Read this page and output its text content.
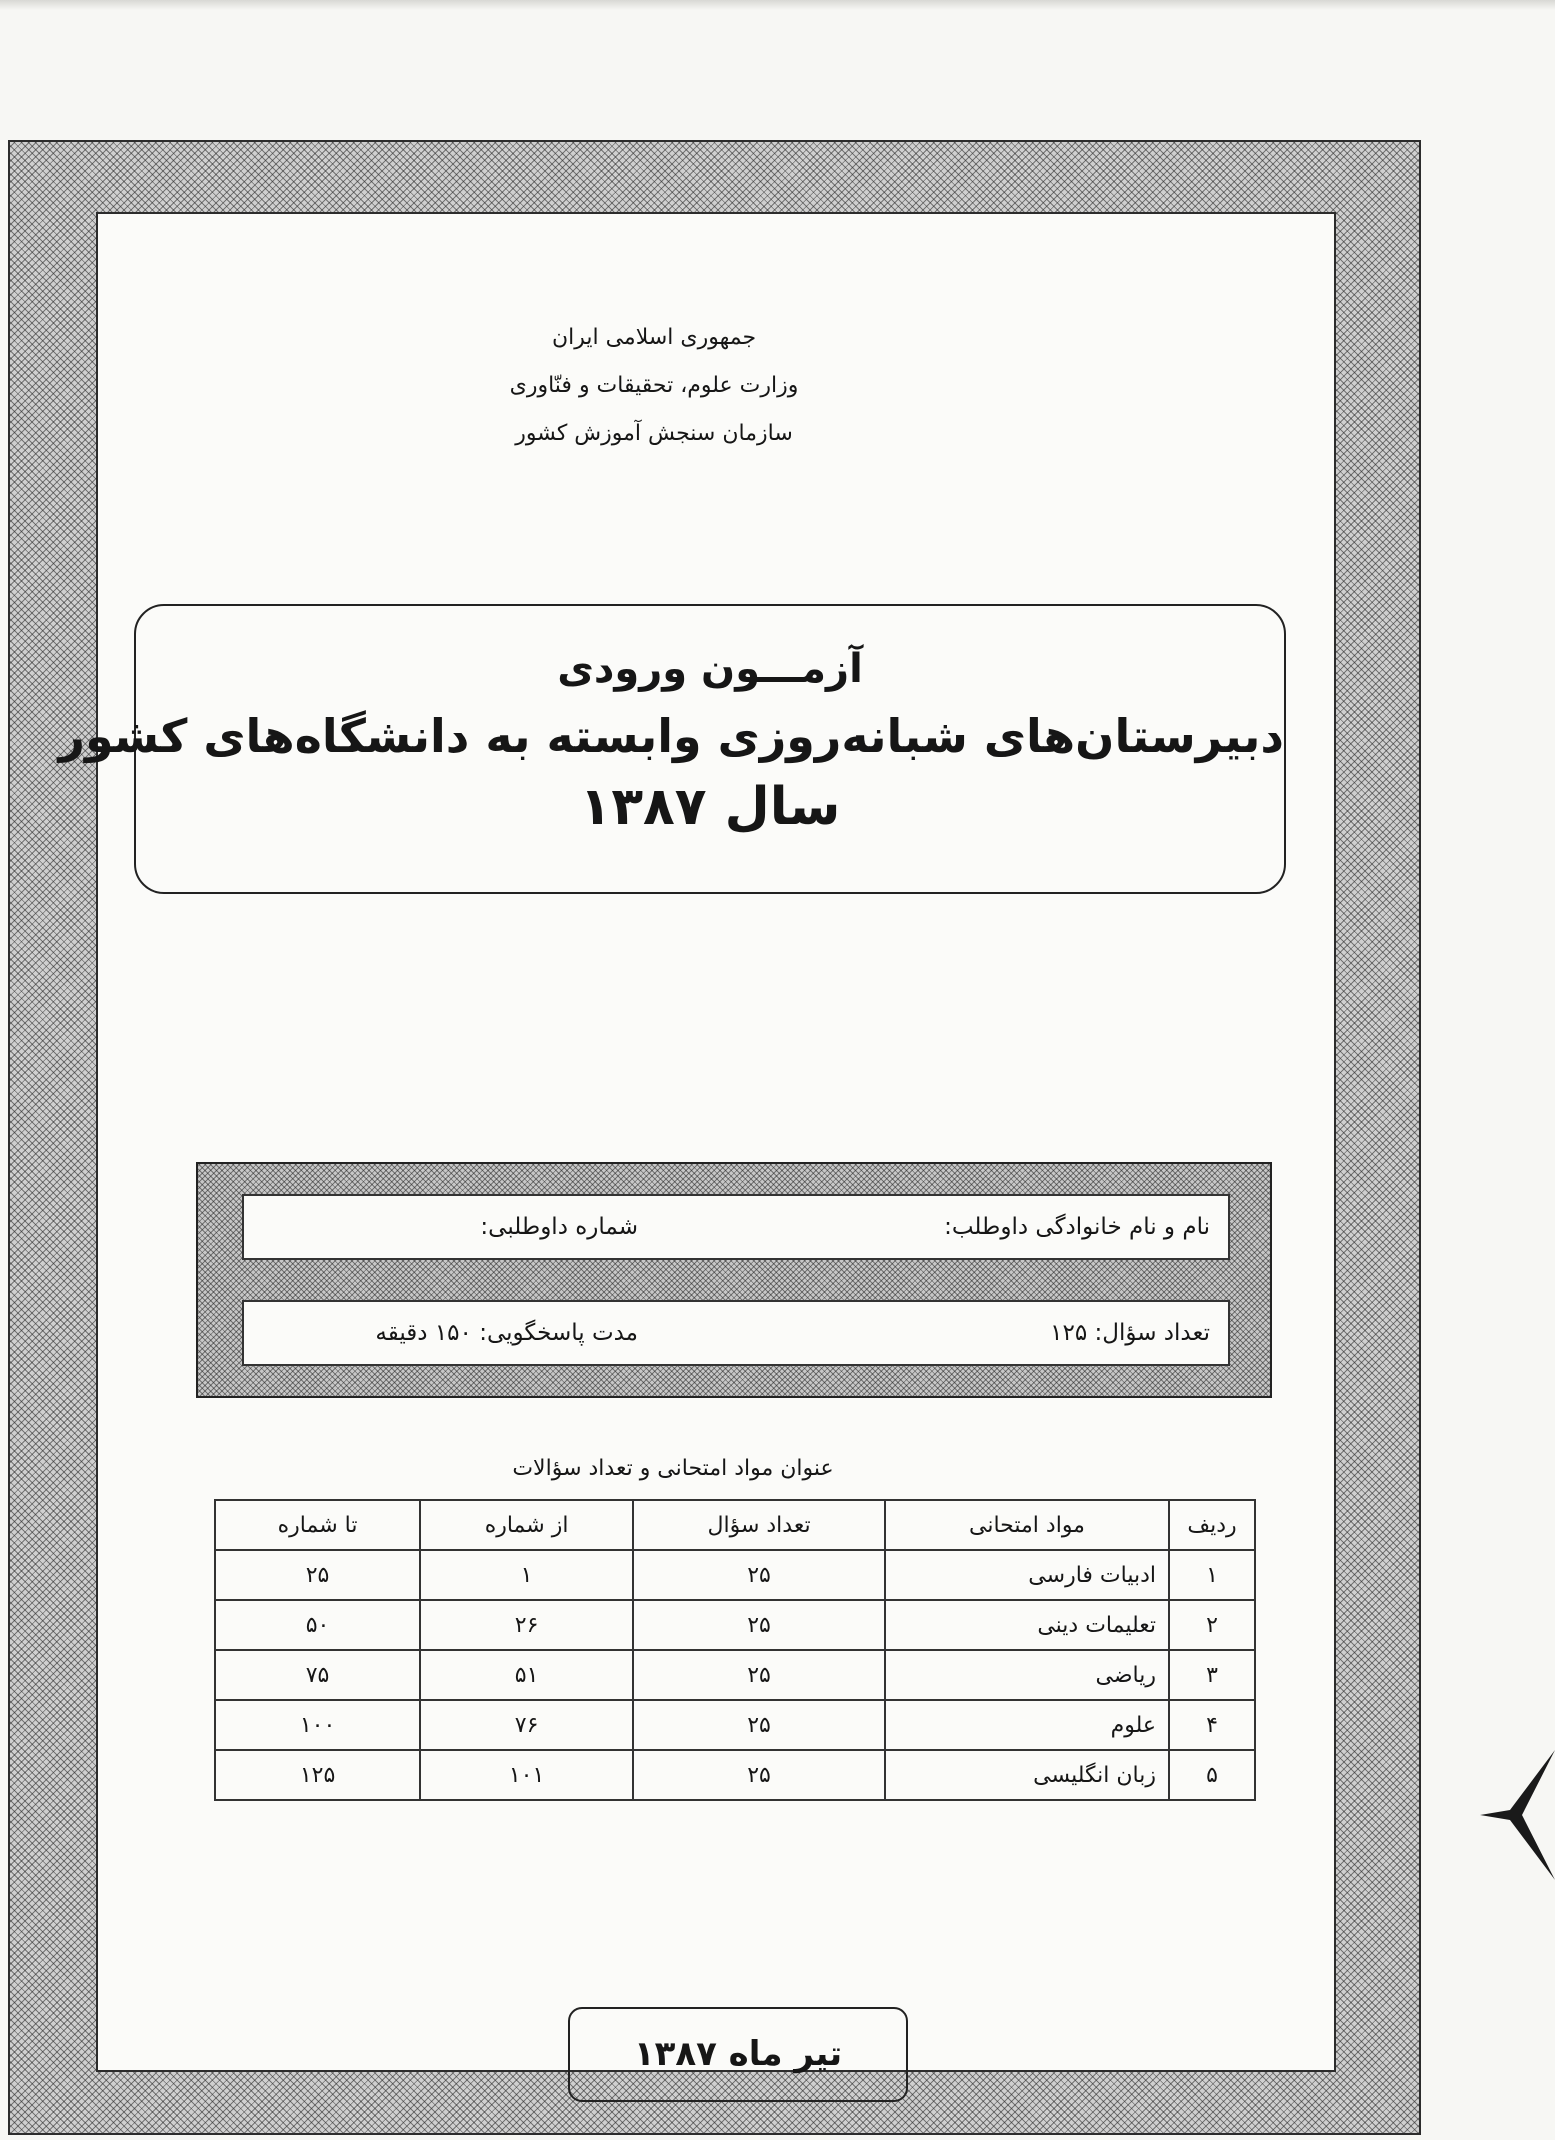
جمهوری اسلامی ایران
وزارت علوم، تحقیقات و فنّاوری
سازمان سنجش آموزش کشور
آزمـــون ورودی
دبیرستان‌های شبانه‌روزی وابسته به دانشگاه‌های کشور
سال ۱۳۸۷
نام و نام خانوادگی داوطلب:
شماره داوطلبی:
تعداد سؤال: ۱۲۵
مدت پاسخگویی: ۱۵۰ دقیقه
عنوان مواد امتحانی و تعداد سؤالات
ردیف	مواد امتحانی	تعداد سؤال	از شماره	تا شماره
۱	ادبیات فارسی	۲۵	۱	۲۵
۲	تعلیمات دینی	۲۵	۲۶	۵۰
۳	ریاضی	۲۵	۵۱	۷۵
۴	علوم	۲۵	۷۶	۱۰۰
۵	زبان انگلیسی	۲۵	۱۰۱	۱۲۵
تیر ماه ۱۳۸۷
